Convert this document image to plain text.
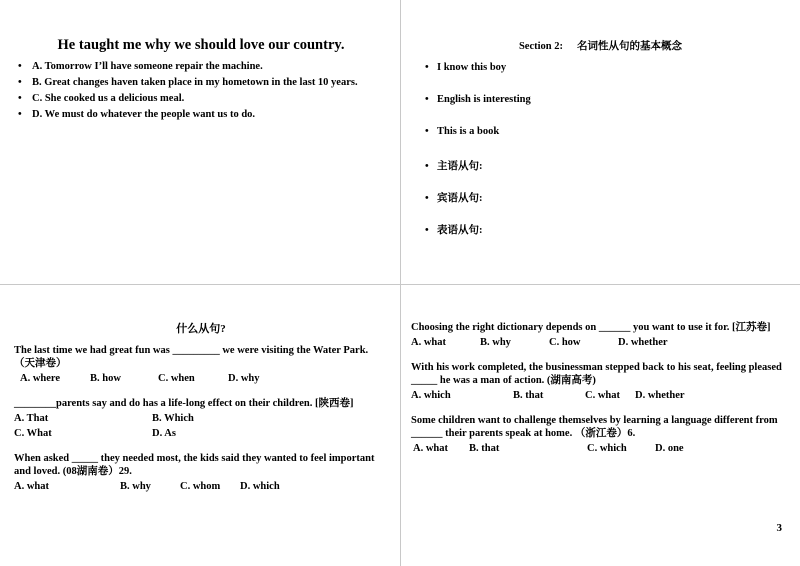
He taught me why we should love our country.
• A. Tomorrow I’ll have someone repair the machine.
• B. Great changes haven taken place in my hometown in the last 10 years.
• C. She cooked us a delicious meal.
• D. We must do whatever the people want us to do.
Section 2: 名词性从句的基本概念
• I know this boy
• English is interesting
• This is a book
• 主语从句:
• 宾语从句:
• 表语从句:
什么从句?

The last time we had great fun was _________ we were visiting the Water Park.（天津卷）

A. where	B. how	C. when	D. why

________parents say and do has a life-long effect on their children. [陕西卷]

A. That	B. Which
C. What	D. As

When asked _____ they needed most, the kids said they wanted to feel important and loved. (08湖南卷）29.

A. what	B. why	C. whom	D. which

Choosing the right dictionary depends on ______ you want to use it for. [江苏卷]

A. what	B. why	C. how	D. whether

With his work completed, the businessman stepped back to his seat, feeling pleased _____ he was a man of action. (湖南高考)

A. which	B. that	C. what	D. whether

Some children want to challenge themselves by learning a language different from ______ their parents speak at home. （浙江卷）6.

A. what	B. that	C. which	D. one
3
